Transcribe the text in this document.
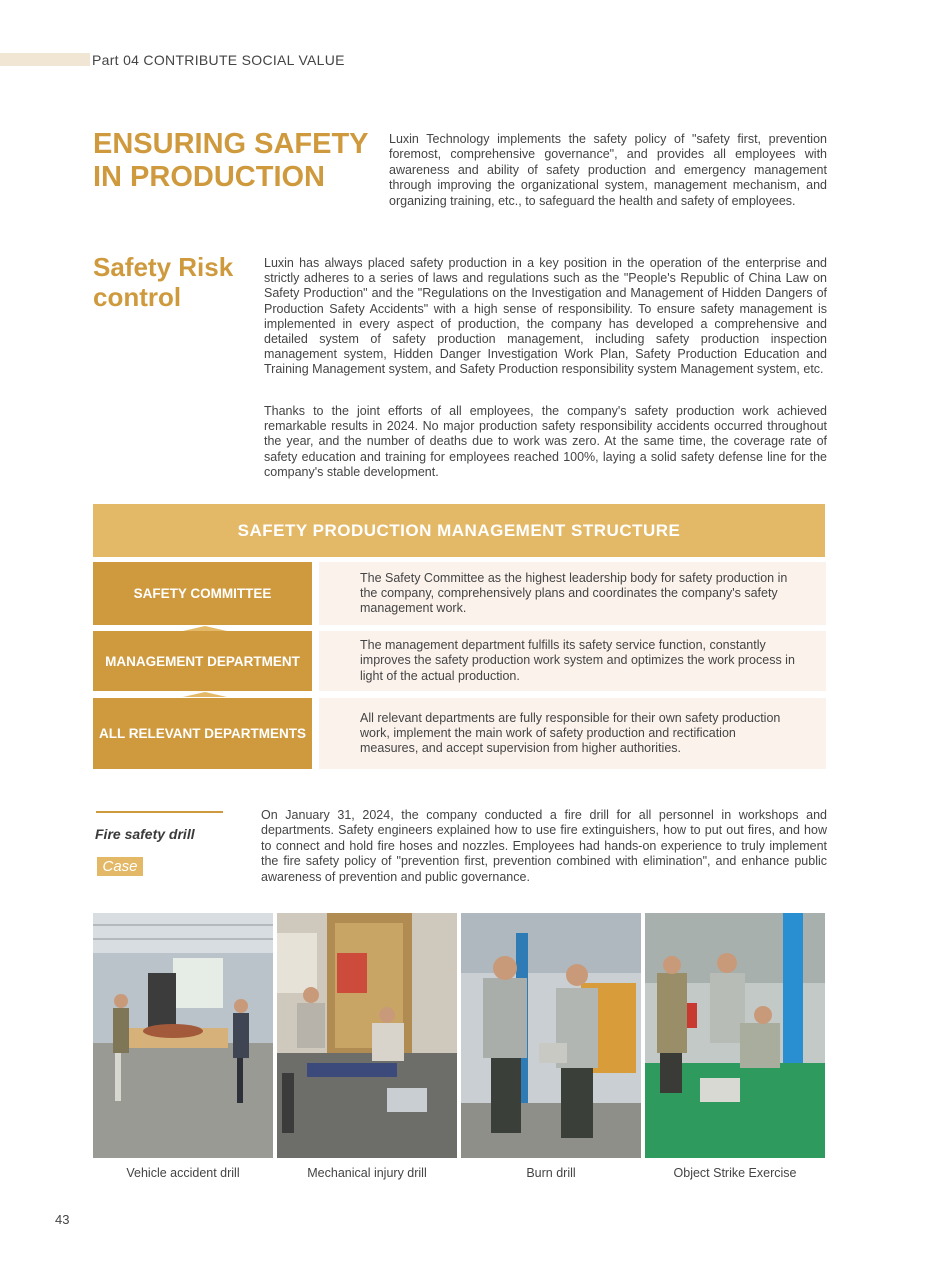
Part 04 CONTRIBUTE SOCIAL VALUE
ENSURING SAFETY IN PRODUCTION
Luxin Technology implements the safety policy of "safety first, prevention foremost, comprehensive governance", and provides all employees with awareness and ability of safety production and emergency management through improving the organizational system, management mechanism, and organizing training, etc., to safeguard the health and safety of employees.
Safety Risk control

Luxin has always placed safety production in a key position in the operation of the enterprise and strictly adheres to a series of laws and regulations such as the "People's Republic of China Law on Safety Production" and the "Regulations on the Investigation and Management of Hidden Dangers of Production Safety Accidents" with a high sense of responsibility. To ensure safety management is implemented in every aspect of production, the company has developed a comprehensive and detailed system of safety production management, including safety production inspection management system, Hidden Danger Investigation Work Plan, Safety Production Education and Training Management system, and Safety Production responsibility system Management system, etc.

Thanks to the joint efforts of all employees, the company's safety production work achieved remarkable results in 2024. No major production safety responsibility accidents occurred throughout the year, and the number of deaths due to work was zero. At the same time, the coverage rate of safety education and training for employees reached 100%, laying a solid safety defense line for the company's stable development.

SAFETY PRODUCTION MANAGEMENT STRUCTURE
SAFETY COMMITTEE
The Safety Committee as the highest leadership body for safety production in the company, comprehensively plans and coordinates the company's safety management work.
MANAGEMENT DEPARTMENT
The management department fulfills its safety service function, constantly improves the safety production work system and optimizes the work process in light of the actual production.
ALL RELEVANT DEPARTMENTS
All relevant departments are fully responsible for their own safety production work, implement the main work of safety production and rectification measures, and accept supervision from higher authorities.
Fire safety drill
Case
On January 31, 2024, the company conducted a fire drill for all personnel in workshops and departments. Safety engineers explained how to use fire extinguishers, how to put out fires, and how to connect and hold fire hoses and nozzles. Employees had hands-on experience to truly implement the fire safety policy of "prevention first, prevention combined with elimination", and enhance public awareness of prevention and public governance.
Vehicle accident drill	Mechanical injury drill	Burn drill	Object Strike Exercise
43
